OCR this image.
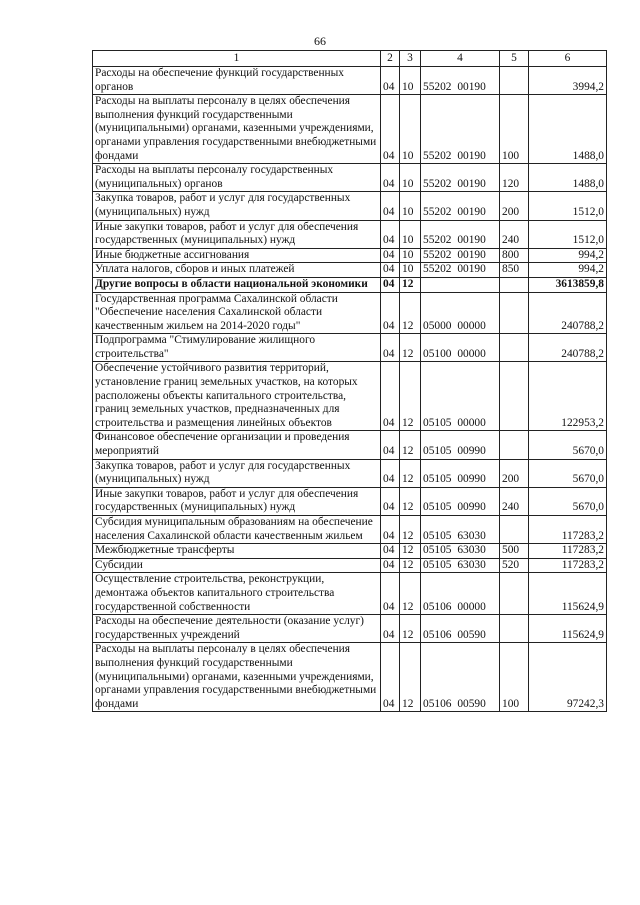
66
1	2	3	4	5	6
Расходы на обеспечение функций государственных органов	04	10	55202 00190		3994,2
Расходы на выплаты персоналу в целях обеспечения выполнения функций государственными (муниципальными) органами, казенными учреждениями, органами управления государственными внебюджетными фондами	04	10	55202 00190	100	1488,0
Расходы на выплаты персоналу государственных (муниципальных) органов	04	10	55202 00190	120	1488,0
Закупка товаров, работ и услуг для государственных (муниципальных) нужд	04	10	55202 00190	200	1512,0
Иные закупки товаров, работ и услуг для обеспечения государственных (муниципальных) нужд	04	10	55202 00190	240	1512,0
Иные бюджетные ассигнования	04	10	55202 00190	800	994,2
Уплата налогов, сборов и иных платежей	04	10	55202 00190	850	994,2
Другие вопросы в области национальной экономики	04	12			3613859,8
Государственная программа Сахалинской области "Обеспечение населения Сахалинской области качественным жильем на 2014-2020 годы"	04	12	05000 00000		240788,2
Подпрограмма "Стимулирование жилищного строительства"	04	12	05100 00000		240788,2
Обеспечение устойчивого развития территорий, установление границ земельных участков, на которых расположены объекты капитального строительства, границ земельных участков, предназначенных для строительства и размещения линейных объектов	04	12	05105 00000		122953,2
Финансовое обеспечение организации и проведения мероприятий	04	12	05105 00990		5670,0
Закупка товаров, работ и услуг для государственных (муниципальных) нужд	04	12	05105 00990	200	5670,0
Иные закупки товаров, работ и услуг для обеспечения государственных (муниципальных) нужд	04	12	05105 00990	240	5670,0
Субсидия муниципальным образованиям на обеспечение населения Сахалинской области качественным жильем	04	12	05105 63030		117283,2
Межбюджетные трансферты	04	12	05105 63030	500	117283,2
Субсидии	04	12	05105 63030	520	117283,2
Осуществление строительства, реконструкции, демонтажа объектов капитального строительства государственной собственности	04	12	05106 00000		115624,9
Расходы на обеспечение деятельности (оказание услуг) государственных учреждений	04	12	05106 00590		115624,9
Расходы на выплаты персоналу в целях обеспечения выполнения функций государственными (муниципальными) органами, казенными учреждениями, органами управления государственными внебюджетными фондами	04	12	05106 00590	100	97242,3
